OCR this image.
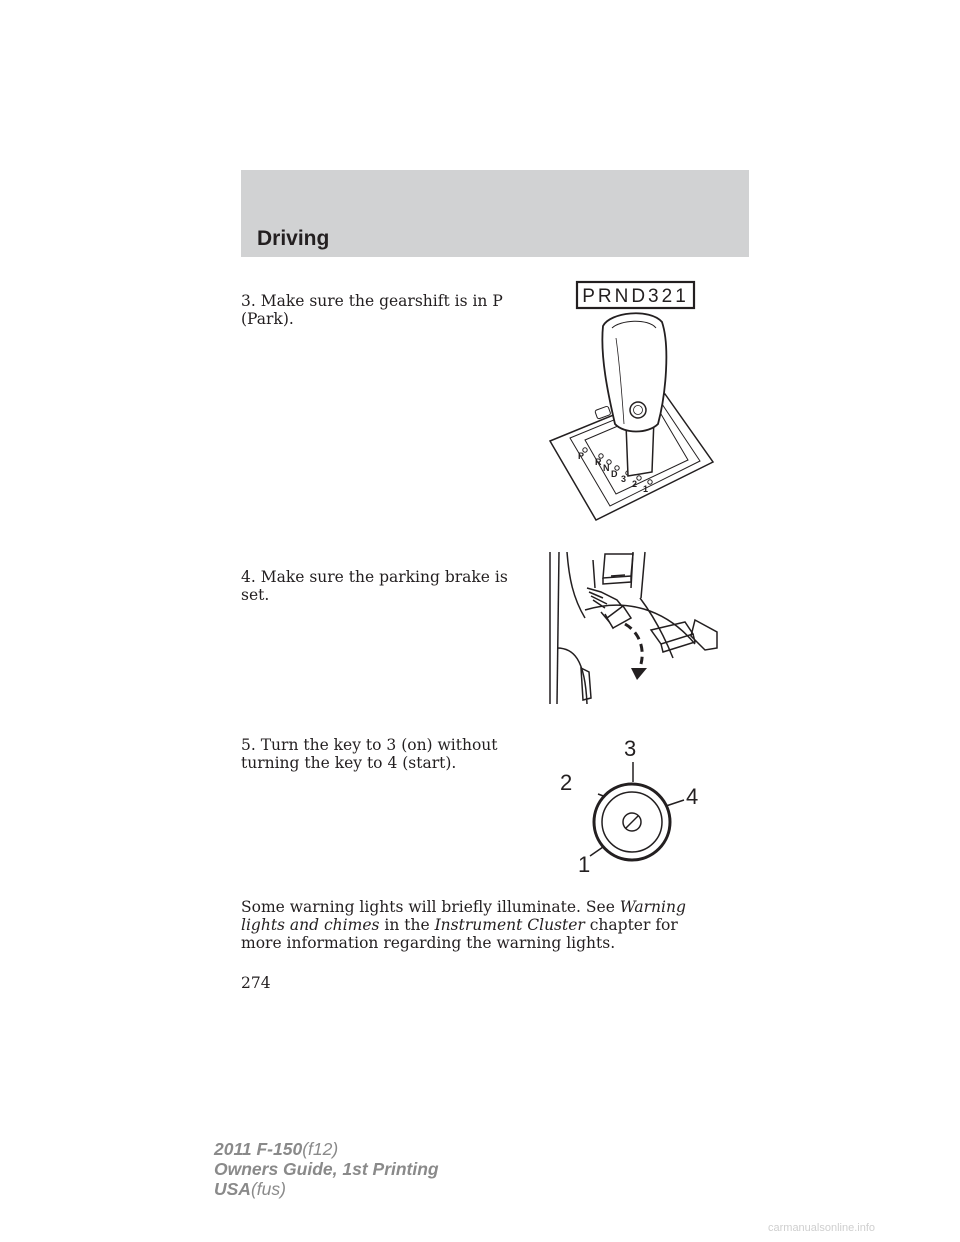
Driving
3. Make sure the gearshift is in P (Park).
PRND321
P
R
N
D 3 2 1
4. Make sure the parking brake is set.
5. Turn the key to 3 (on) without turning the key to 4 (start).
1
2
3
4
Some warning lights will briefly illuminate. See Warning lights and chimes in the Instrument Cluster chapter for more information regarding the warning lights.
274
2011 F-150(f12)
Owners Guide, 1st Printing
USA(fus)
carmanualsonline.info
